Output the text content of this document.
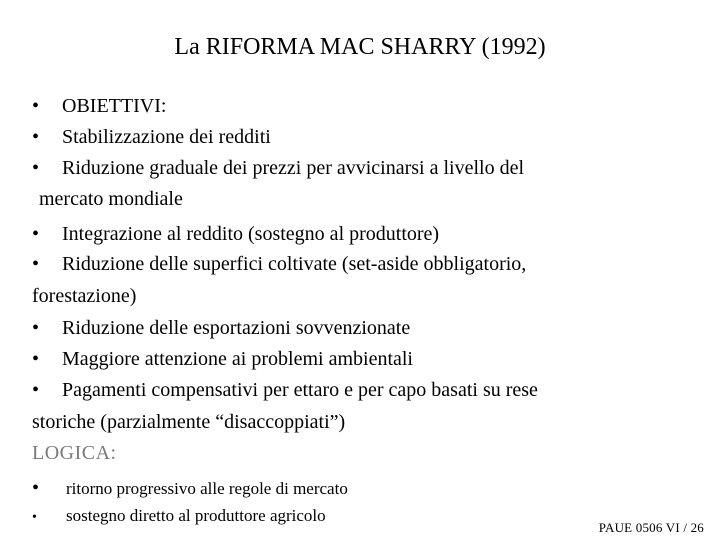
La RIFORMA MAC SHARRY (1992)
• OBIETTIVI:
• Stabilizzazione dei redditi
• Riduzione graduale dei prezzi per avvicinarsi a livello del
mercato mondiale
• Integrazione al reddito (sostegno al produttore)
• Riduzione delle superfici coltivate (set-aside obbligatorio,
forestazione)
• Riduzione delle esportazioni sovvenzionate
• Maggiore attenzione ai problemi ambientali
• Pagamenti compensativi per ettaro e per capo basati su rese
storiche (parzialmente “disaccoppiati”)
LOGICA:
• ritorno progressivo alle regole di mercato
• sostegno diretto al produttore agricolo
PAUE 0506 VI / 26
